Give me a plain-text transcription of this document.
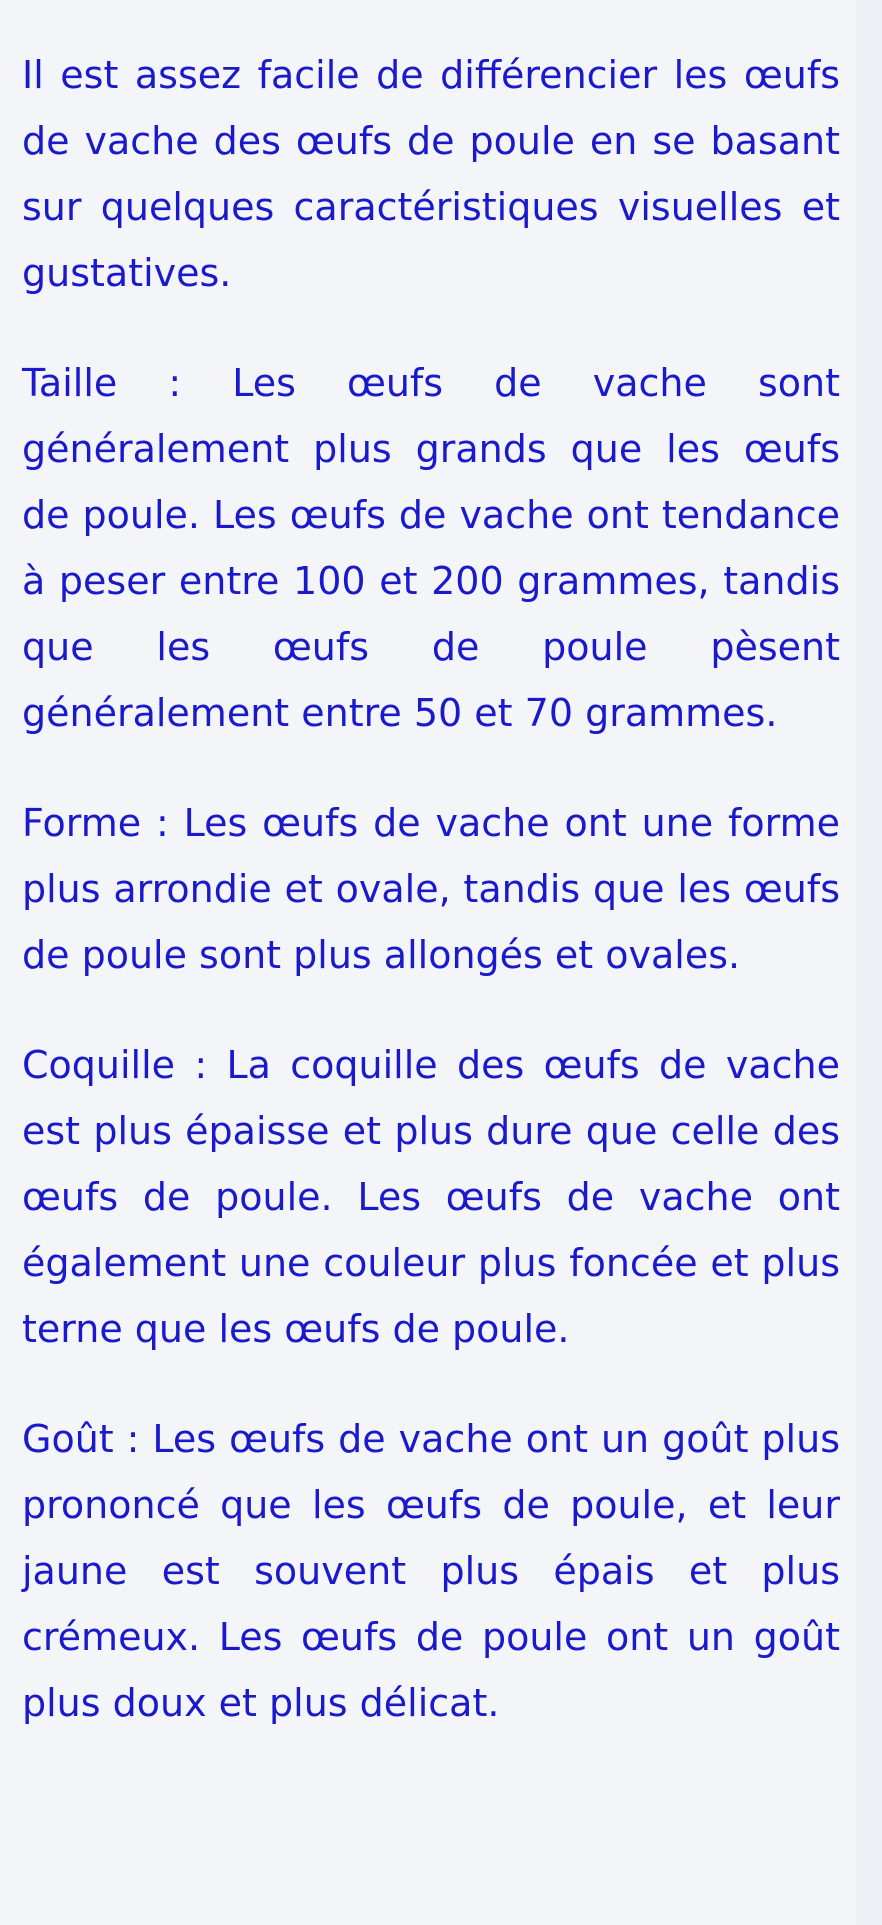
Il est assez facile de différencier les œufs de vache des œufs de poule en se basant sur quelques caractéristiques visuelles et gustatives.

Taille : Les œufs de vache sont généralement plus grands que les œufs de poule. Les œufs de vache ont tendance à peser entre 100 et 200 grammes, tandis que les œufs de poule pèsent généralement entre 50 et 70 grammes.

Forme : Les œufs de vache ont une forme plus arrondie et ovale, tandis que les œufs de poule sont plus allongés et ovales.

Coquille : La coquille des œufs de vache est plus épaisse et plus dure que celle des œufs de poule. Les œufs de vache ont également une couleur plus foncée et plus terne que les œufs de poule.

Goût : Les œufs de vache ont un goût plus prononcé que les œufs de poule, et leur jaune est souvent plus épais et plus crémeux. Les œufs de poule ont un goût plus doux et plus délicat.
